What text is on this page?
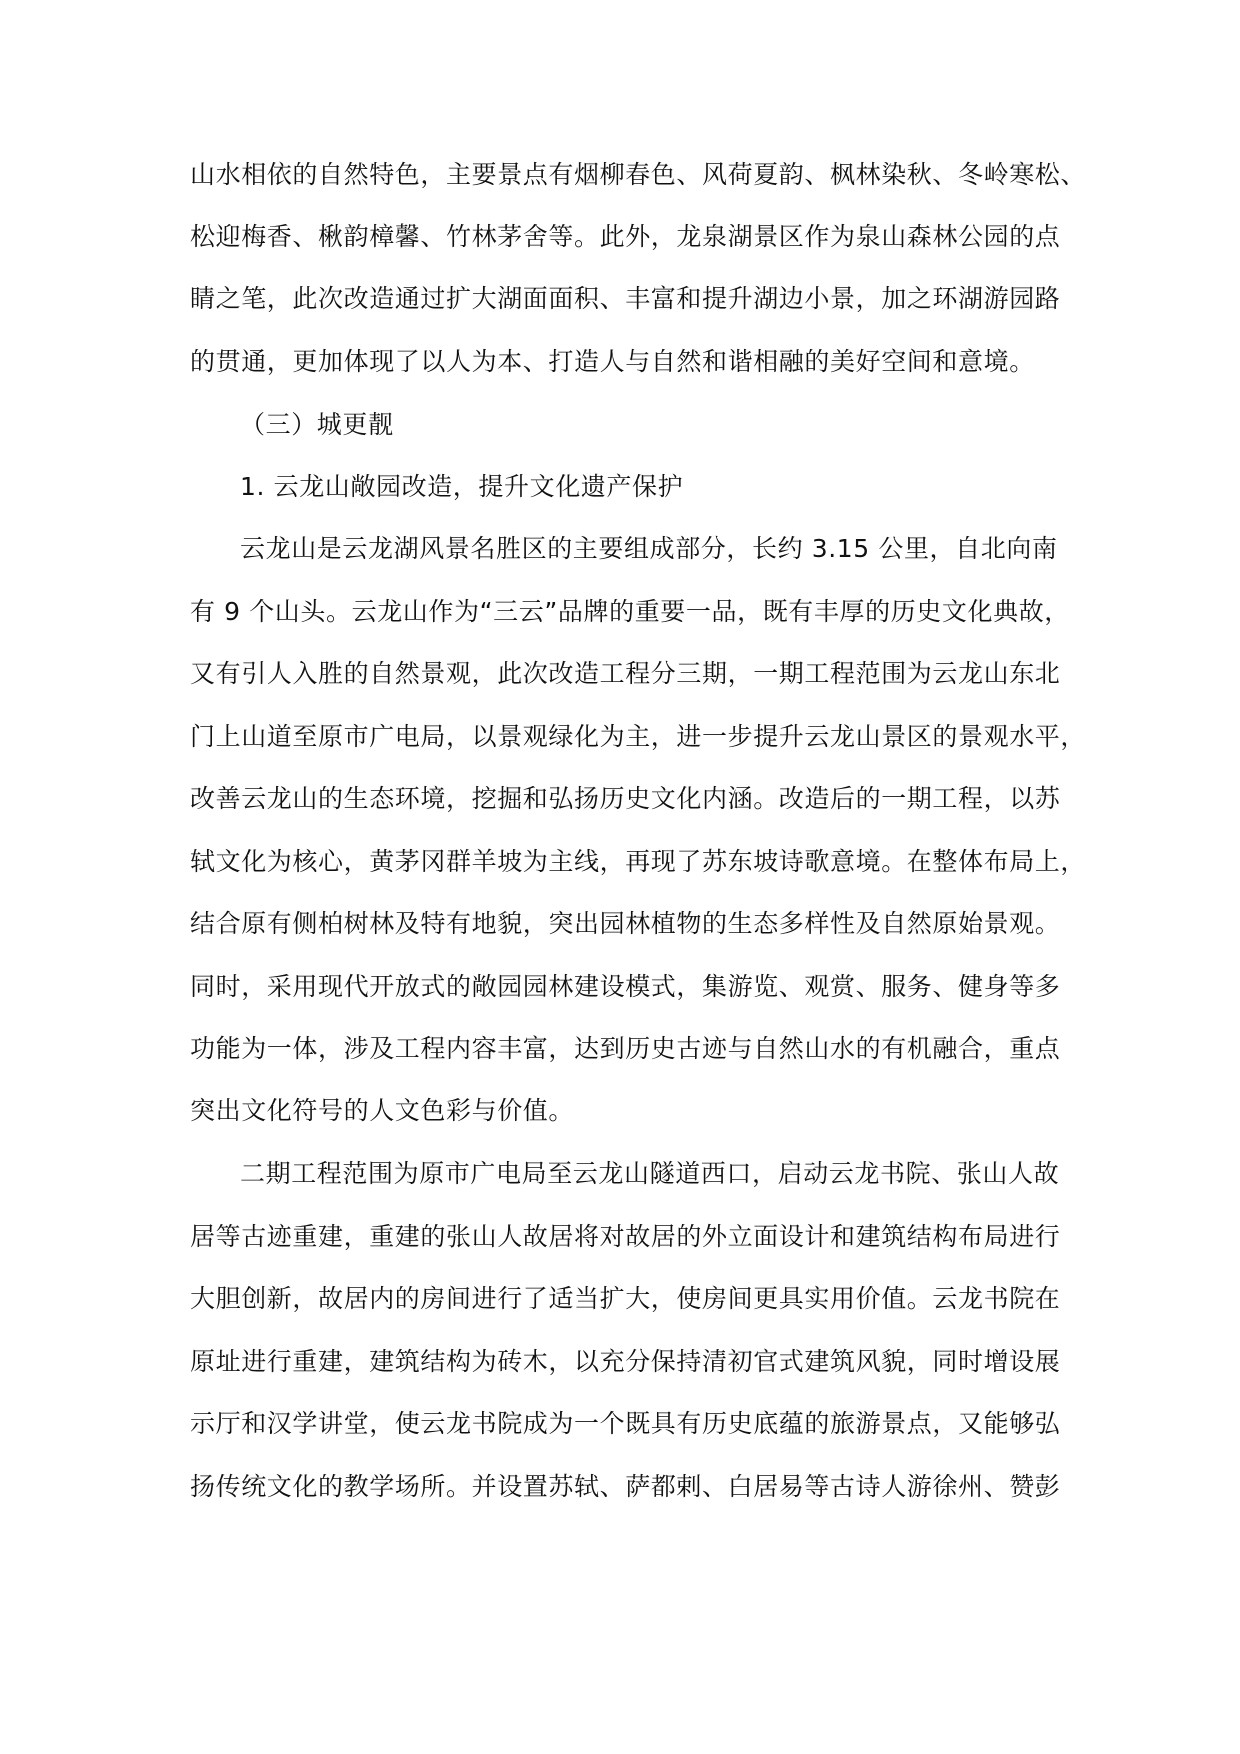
山水相依的自然特色，主要景点有烟柳春色、风荷夏韵、枫林染秋、冬岭寒松、
松迎梅香、楸韵樟馨、竹林茅舍等。此外，龙泉湖景区作为泉山森林公园的点
睛之笔，此次改造通过扩大湖面面积、丰富和提升湖边小景，加之环湖游园路
的贯通，更加体现了以人为本、打造人与自然和谐相融的美好空间和意境。
（三）城更靓
1. 云龙山敞园改造，提升文化遗产保护
云龙山是云龙湖风景名胜区的主要组成部分，长约 3.15 公里，自北向南
有 9 个山头。云龙山作为“三云”品牌的重要一品，既有丰厚的历史文化典故，
又有引人入胜的自然景观，此次改造工程分三期，一期工程范围为云龙山东北
门上山道至原市广电局，以景观绿化为主，进一步提升云龙山景区的景观水平，
改善云龙山的生态环境，挖掘和弘扬历史文化内涵。改造后的一期工程，以苏
轼文化为核心，黄茅冈群羊坡为主线，再现了苏东坡诗歌意境。在整体布局上，
结合原有侧柏树林及特有地貌，突出园林植物的生态多样性及自然原始景观。
同时，采用现代开放式的敞园园林建设模式，集游览、观赏、服务、健身等多
功能为一体，涉及工程内容丰富，达到历史古迹与自然山水的有机融合，重点
突出文化符号的人文色彩与价值。
二期工程范围为原市广电局至云龙山隧道西口，启动云龙书院、张山人故
居等古迹重建，重建的张山人故居将对故居的外立面设计和建筑结构布局进行
大胆创新，故居内的房间进行了适当扩大，使房间更具实用价值。云龙书院在
原址进行重建，建筑结构为砖木，以充分保持清初官式建筑风貌，同时增设展
示厅和汉学讲堂，使云龙书院成为一个既具有历史底蕴的旅游景点，又能够弘
扬传统文化的教学场所。并设置苏轼、萨都剌、白居易等古诗人游徐州、赞彭
